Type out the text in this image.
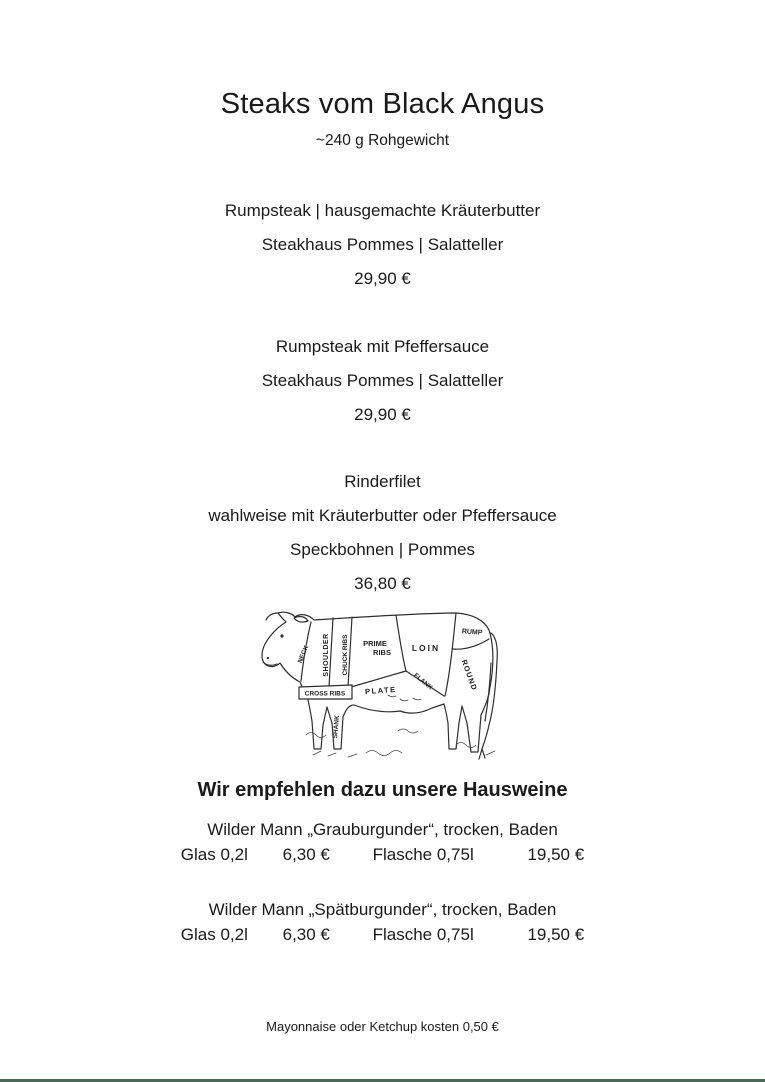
Steaks vom Black Angus
~240 g Rohgewicht
Rumpsteak | hausgemachte Kräuterbutter
Steakhaus Pommes | Salatteller
29,90 €
Rumpsteak mit Pfeffersauce
Steakhaus Pommes | Salatteller
29,90 €
Rinderfilet
wahlweise mit Kräuterbutter oder Pfeffersauce
Speckbohnen | Pommes
36,80 €
NECK SHOULDER CHUCK RIBS PRIME
RIBS LOIN
RUMP
ROUND
FLANK
PLATE
CROSS RIBS
SHANK
Wir empfehlen dazu unsere Hausweine
Wilder Mann „Grauburgunder“, trocken, Baden
Glas 0,2l 6,30 €	Flasche 0,75l	19,50 €
Wilder Mann „Spätburgunder“, trocken, Baden
Glas 0,2l 6,30 €	Flasche 0,75l	19,50 €
Mayonnaise oder Ketchup kosten 0,50 €
